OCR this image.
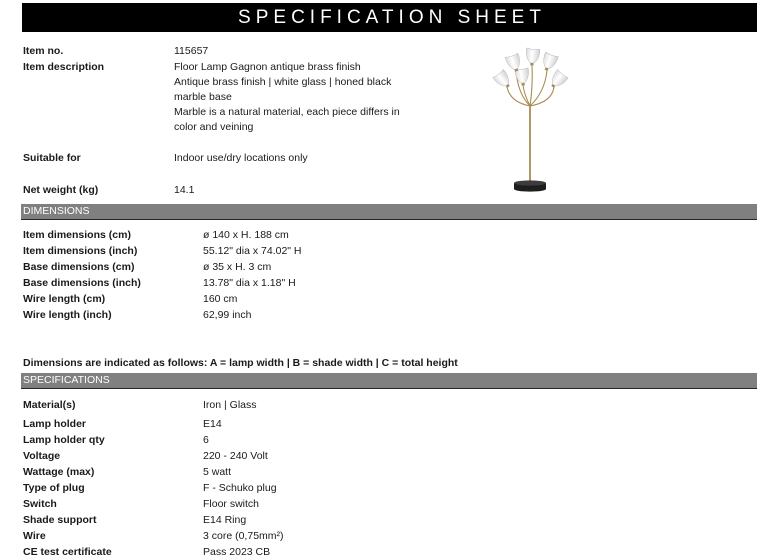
SPECIFICATION SHEET
Item no.	115657
Item description	Floor Lamp Gagnon antique brass finish
Antique brass finish | white glass | honed black
marble base
Marble is a natural material, each piece differs in
color and veining
Suitable for	Indoor use/dry locations only
Net weight (kg)	14.1
DIMENSIONS
Item dimensions (cm)	ø 140 x H. 188 cm
Item dimensions (inch)	55.12" dia x 74.02" H
Base dimensions (cm)	ø 35 x H. 3 cm
Base dimensions (inch)	13.78" dia x 1.18" H
Wire length (cm)	160 cm
Wire length (inch)	62,99 inch
Dimensions are indicated as follows: A = lamp width | B = shade width | C = total height
SPECIFICATIONS
Material(s)	Iron | Glass
Lamp holder	E14
Lamp holder qty	6
Voltage	220 - 240 Volt
Wattage (max)	5 watt
Type of plug	F - Schuko plug
Switch	Floor switch
Shade support	E14 Ring
Wire	3 core (0,75mm²)
CE test certificate	Pass 2023 CB
